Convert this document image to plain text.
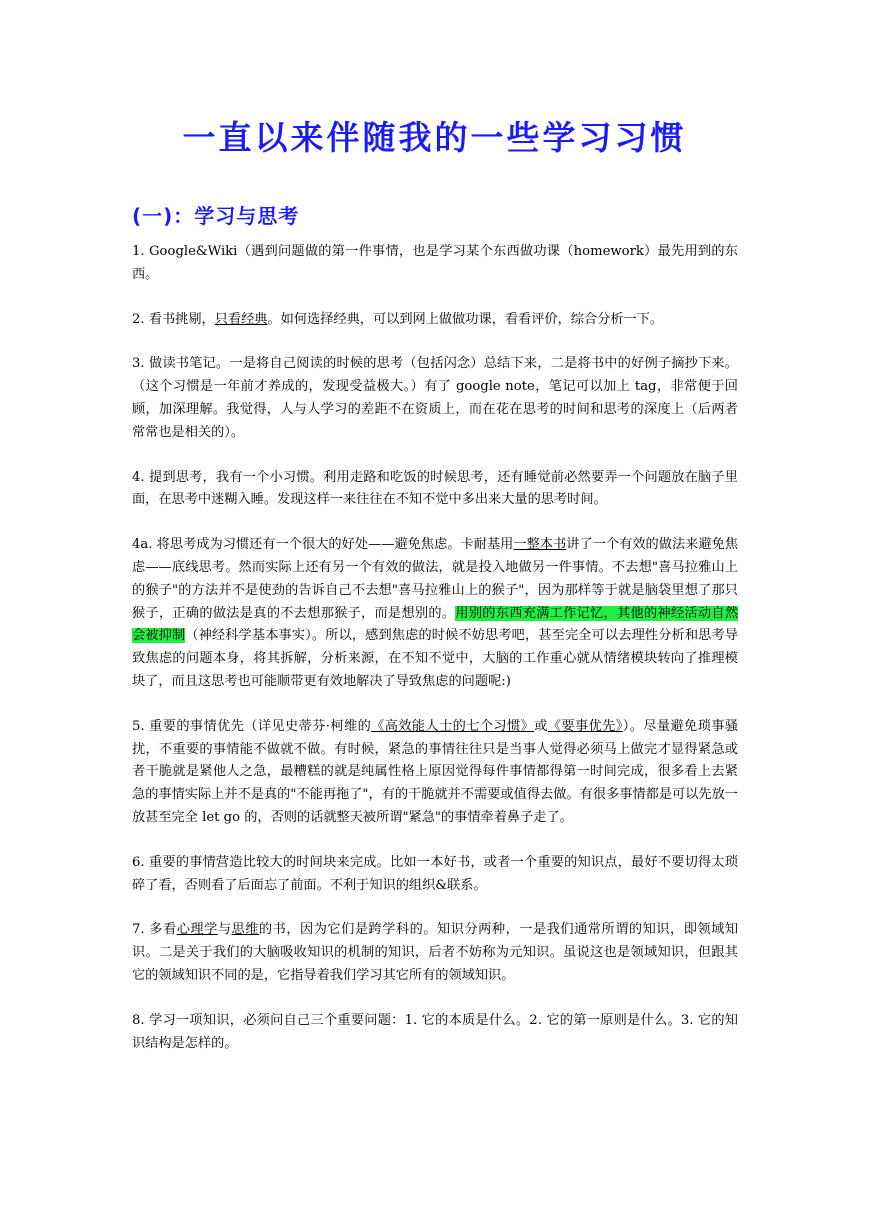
一直以来伴随我的一些学习习惯
(一)：学习与思考

1. Google&Wiki（遇到问题做的第一件事情，也是学习某个东西做功课（homework）最先用到的东西。

2. 看书挑剔，只看经典。如何选择经典，可以到网上做做功课，看看评价，综合分析一下。

3. 做读书笔记。一是将自己阅读的时候的思考（包括闪念）总结下来，二是将书中的好例子摘抄下来。（这个习惯是一年前才养成的，发现受益极大。）有了 google note，笔记可以加上 tag，非常便于回顾，加深理解。我觉得，人与人学习的差距不在资质上，而在花在思考的时间和思考的深度上（后两者常常也是相关的）。

4. 提到思考，我有一个小习惯。利用走路和吃饭的时候思考，还有睡觉前必然要弄一个问题放在脑子里面，在思考中迷糊入睡。发现这样一来往往在不知不觉中多出来大量的思考时间。

4a. 将思考成为习惯还有一个很大的好处——避免焦虑。卡耐基用一整本书讲了一个有效的做法来避免焦虑——底线思考。然而实际上还有另一个有效的做法，就是投入地做另一件事情。不去想"喜马拉雅山上的猴子"的方法并不是使劲的告诉自己不去想"喜马拉雅山上的猴子"，因为那样等于就是脑袋里想了那只猴子，正确的做法是真的不去想那猴子，而是想别的。用别的东西充满工作记忆，其他的神经活动自然会被抑制（神经科学基本事实）。所以，感到焦虑的时候不妨思考吧，甚至完全可以去理性分析和思考导致焦虑的问题本身，将其拆解，分析来源，在不知不觉中，大脑的工作重心就从情绪模块转向了推理模块了，而且这思考也可能顺带更有效地解决了导致焦虑的问题呢:)

5. 重要的事情优先（详见史蒂芬·柯维的《高效能人士的七个习惯》或《要事优先》）。尽量避免琐事骚扰，不重要的事情能不做就不做。有时候，紧急的事情往往只是当事人觉得必须马上做完才显得紧急或者干脆就是紧他人之急，最糟糕的就是纯属性格上原因觉得每件事情都得第一时间完成，很多看上去紧急的事情实际上并不是真的"不能再拖了"，有的干脆就并不需要或值得去做。有很多事情都是可以先放一放甚至完全 let go 的，否则的话就整天被所谓"紧急"的事情牵着鼻子走了。

6. 重要的事情营造比较大的时间块来完成。比如一本好书，或者一个重要的知识点，最好不要切得太琐碎了看，否则看了后面忘了前面。不利于知识的组织&联系。

7. 多看心理学与思维的书，因为它们是跨学科的。知识分两种，一是我们通常所谓的知识，即领域知识。二是关于我们的大脑吸收知识的机制的知识，后者不妨称为元知识。虽说这也是领域知识，但跟其它的领域知识不同的是，它指导着我们学习其它所有的领域知识。

8. 学习一项知识，必须问自己三个重要问题：1. 它的本质是什么。2. 它的第一原则是什么。3. 它的知识结构是怎样的。
